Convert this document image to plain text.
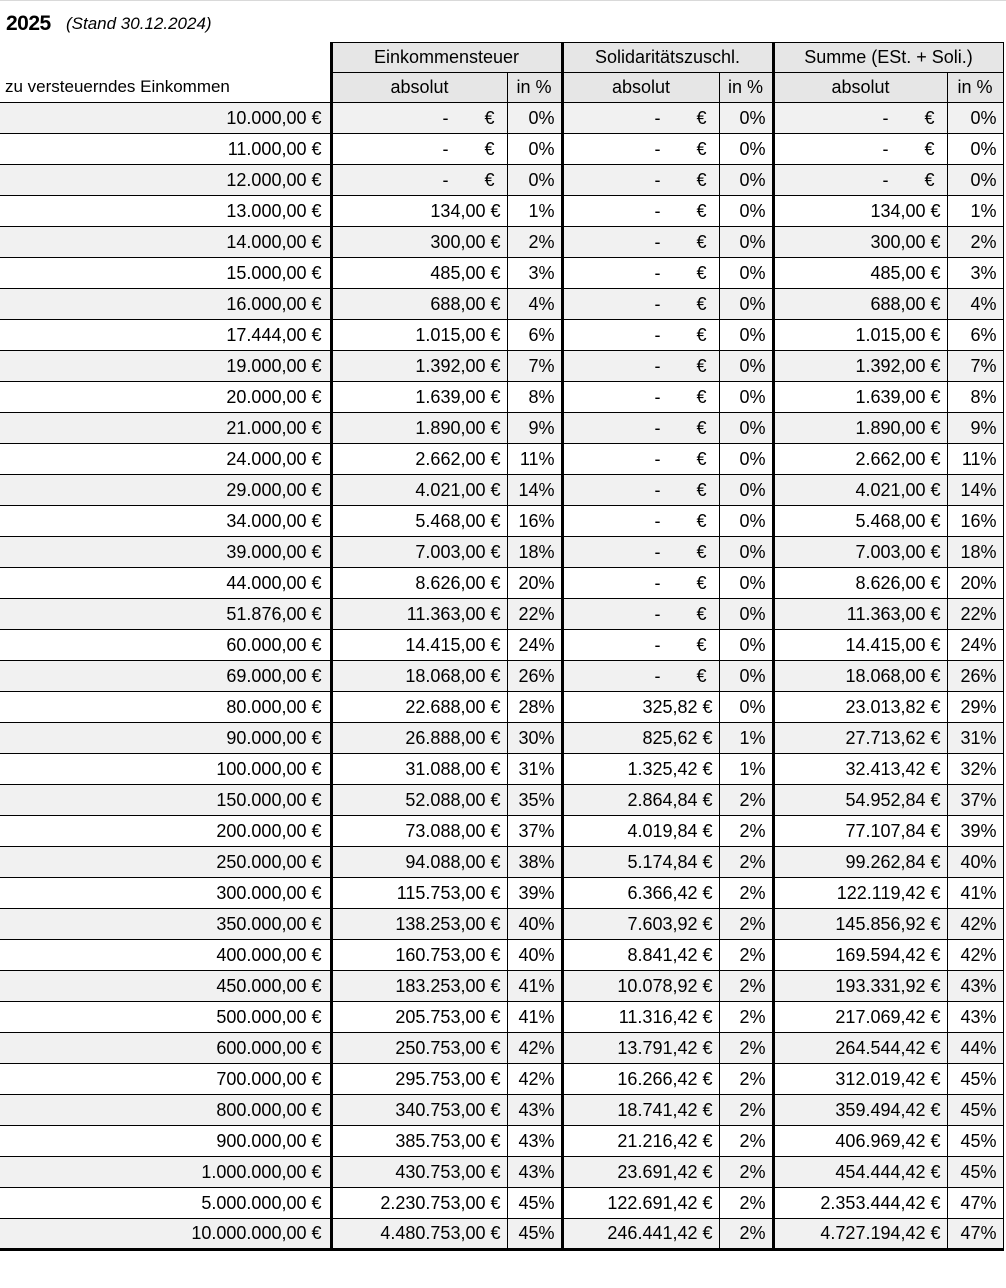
2025 (Stand 30.12.2024)
	Einkommensteuer		Solidaritätszuschl.		Summe (ESt. + Soli.)	
zu versteuerndes Einkommen	absolut	in %	absolut	in %	absolut	in %
10.000,00 €	- €	0%	- €	0%	- €	0%
11.000,00 €	- €	0%	- €	0%	- €	0%
12.000,00 €	- €	0%	- €	0%	- €	0%
13.000,00 €	134,00 €	1%	- €	0%	134,00 €	1%
14.000,00 €	300,00 €	2%	- €	0%	300,00 €	2%
15.000,00 €	485,00 €	3%	- €	0%	485,00 €	3%
16.000,00 €	688,00 €	4%	- €	0%	688,00 €	4%
17.444,00 €	1.015,00 €	6%	- €	0%	1.015,00 €	6%
19.000,00 €	1.392,00 €	7%	- €	0%	1.392,00 €	7%
20.000,00 €	1.639,00 €	8%	- €	0%	1.639,00 €	8%
21.000,00 €	1.890,00 €	9%	- €	0%	1.890,00 €	9%
24.000,00 €	2.662,00 €	11%	- €	0%	2.662,00 €	11%
29.000,00 €	4.021,00 €	14%	- €	0%	4.021,00 €	14%
34.000,00 €	5.468,00 €	16%	- €	0%	5.468,00 €	16%
39.000,00 €	7.003,00 €	18%	- €	0%	7.003,00 €	18%
44.000,00 €	8.626,00 €	20%	- €	0%	8.626,00 €	20%
51.876,00 €	11.363,00 €	22%	- €	0%	11.363,00 €	22%
60.000,00 €	14.415,00 €	24%	- €	0%	14.415,00 €	24%
69.000,00 €	18.068,00 €	26%	- €	0%	18.068,00 €	26%
80.000,00 €	22.688,00 €	28%	325,82 €	0%	23.013,82 €	29%
90.000,00 €	26.888,00 €	30%	825,62 €	1%	27.713,62 €	31%
100.000,00 €	31.088,00 €	31%	1.325,42 €	1%	32.413,42 €	32%
150.000,00 €	52.088,00 €	35%	2.864,84 €	2%	54.952,84 €	37%
200.000,00 €	73.088,00 €	37%	4.019,84 €	2%	77.107,84 €	39%
250.000,00 €	94.088,00 €	38%	5.174,84 €	2%	99.262,84 €	40%
300.000,00 €	115.753,00 €	39%	6.366,42 €	2%	122.119,42 €	41%
350.000,00 €	138.253,00 €	40%	7.603,92 €	2%	145.856,92 €	42%
400.000,00 €	160.753,00 €	40%	8.841,42 €	2%	169.594,42 €	42%
450.000,00 €	183.253,00 €	41%	10.078,92 €	2%	193.331,92 €	43%
500.000,00 €	205.753,00 €	41%	11.316,42 €	2%	217.069,42 €	43%
600.000,00 €	250.753,00 €	42%	13.791,42 €	2%	264.544,42 €	44%
700.000,00 €	295.753,00 €	42%	16.266,42 €	2%	312.019,42 €	45%
800.000,00 €	340.753,00 €	43%	18.741,42 €	2%	359.494,42 €	45%
900.000,00 €	385.753,00 €	43%	21.216,42 €	2%	406.969,42 €	45%
1.000.000,00 €	430.753,00 €	43%	23.691,42 €	2%	454.444,42 €	45%
5.000.000,00 €	2.230.753,00 €	45%	122.691,42 €	2%	2.353.444,42 €	47%
10.000.000,00 €	4.480.753,00 €	45%	246.441,42 €	2%	4.727.194,42 €	47%
